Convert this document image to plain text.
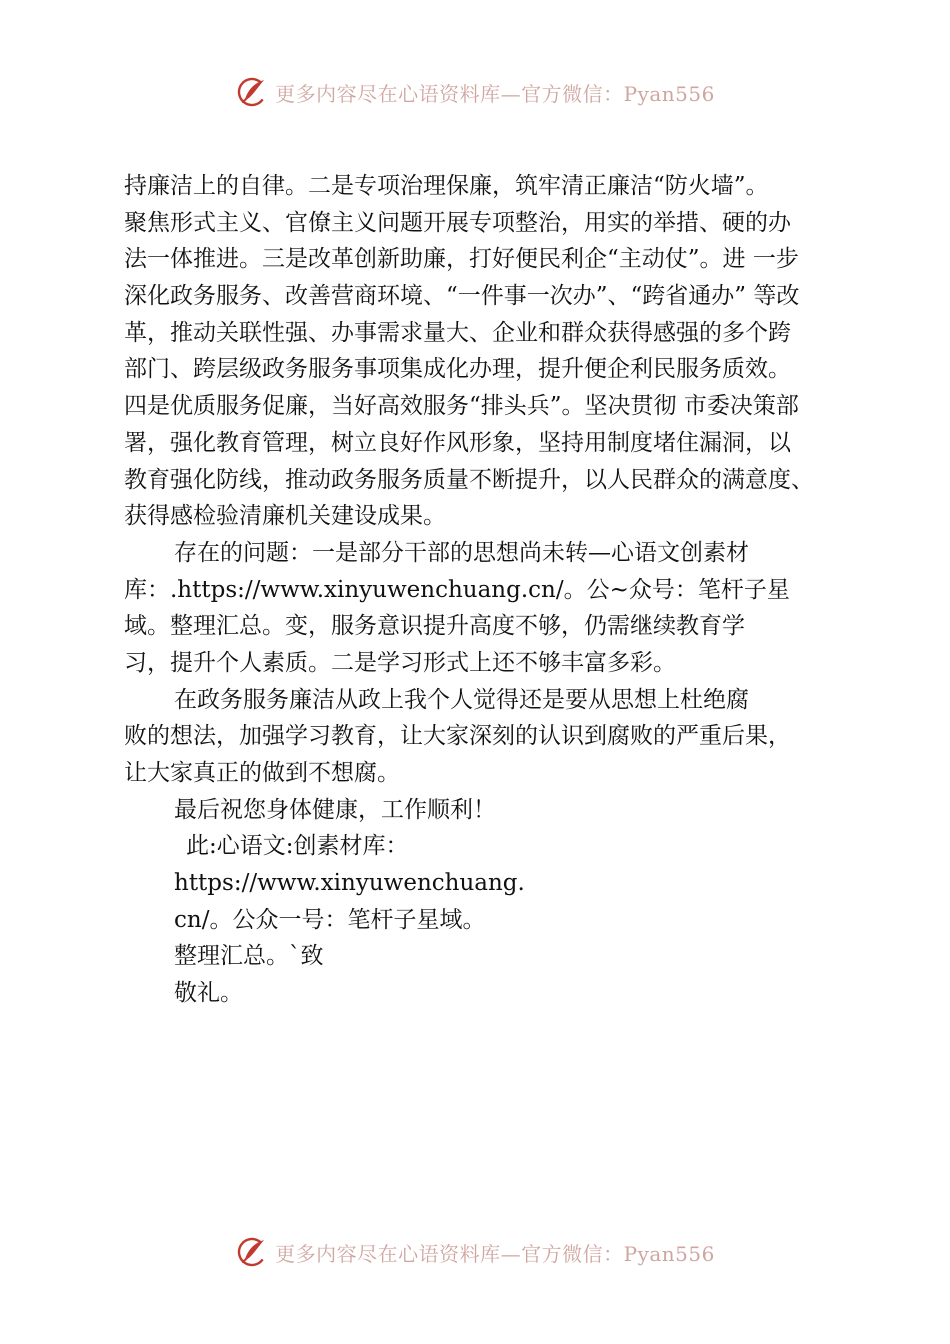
更多内容尽在心语资料库—官方微信：Pyan556
持廉洁上的自律。二是专项治理保廉，筑牢清正廉洁“防火墙”。
聚焦形式主义、官僚主义问题开展专项整治，用实的举措、硬的办
法一体推进。三是改革创新助廉，打好便民利企“主动仗”。进 一步
深化政务服务、改善营商环境、“一件事一次办”、“跨省通办” 等改
革，推动关联性强、办事需求量大、企业和群众获得感强的多个跨
部门、跨层级政务服务事项集成化办理，提升便企利民服务质效。
四是优质服务促廉，当好高效服务“排头兵”。坚决贯彻 市委决策部
署，强化教育管理，树立良好作风形象，坚持用制度堵住漏洞，以
教育强化防线，推动政务服务质量不断提升，以人民群众的满意度、
获得感检验清廉机关建设成果。
存在的问题：一是部分干部的思想尚未转—心语文创素材
库：.https://www.xinyuwenchuang.cn/。公~众号：笔杆子星
域。整理汇总。变，服务意识提升高度不够，仍需继续教育学
习，提升个人素质。二是学习形式上还不够丰富多彩。
在政务服务廉洁从政上我个人觉得还是要从思想上杜绝腐
败的想法，加强学习教育，让大家深刻的认识到腐败的严重后果，
让大家真正的做到不想腐。
最后祝您身体健康，工作顺利！
此:心语文:创素材库：
https://www.xinyuwenchuang.
cn/。公众一号：笔杆子星域。
整理汇总。`致
敬礼。
更多内容尽在心语资料库—官方微信：Pyan556
